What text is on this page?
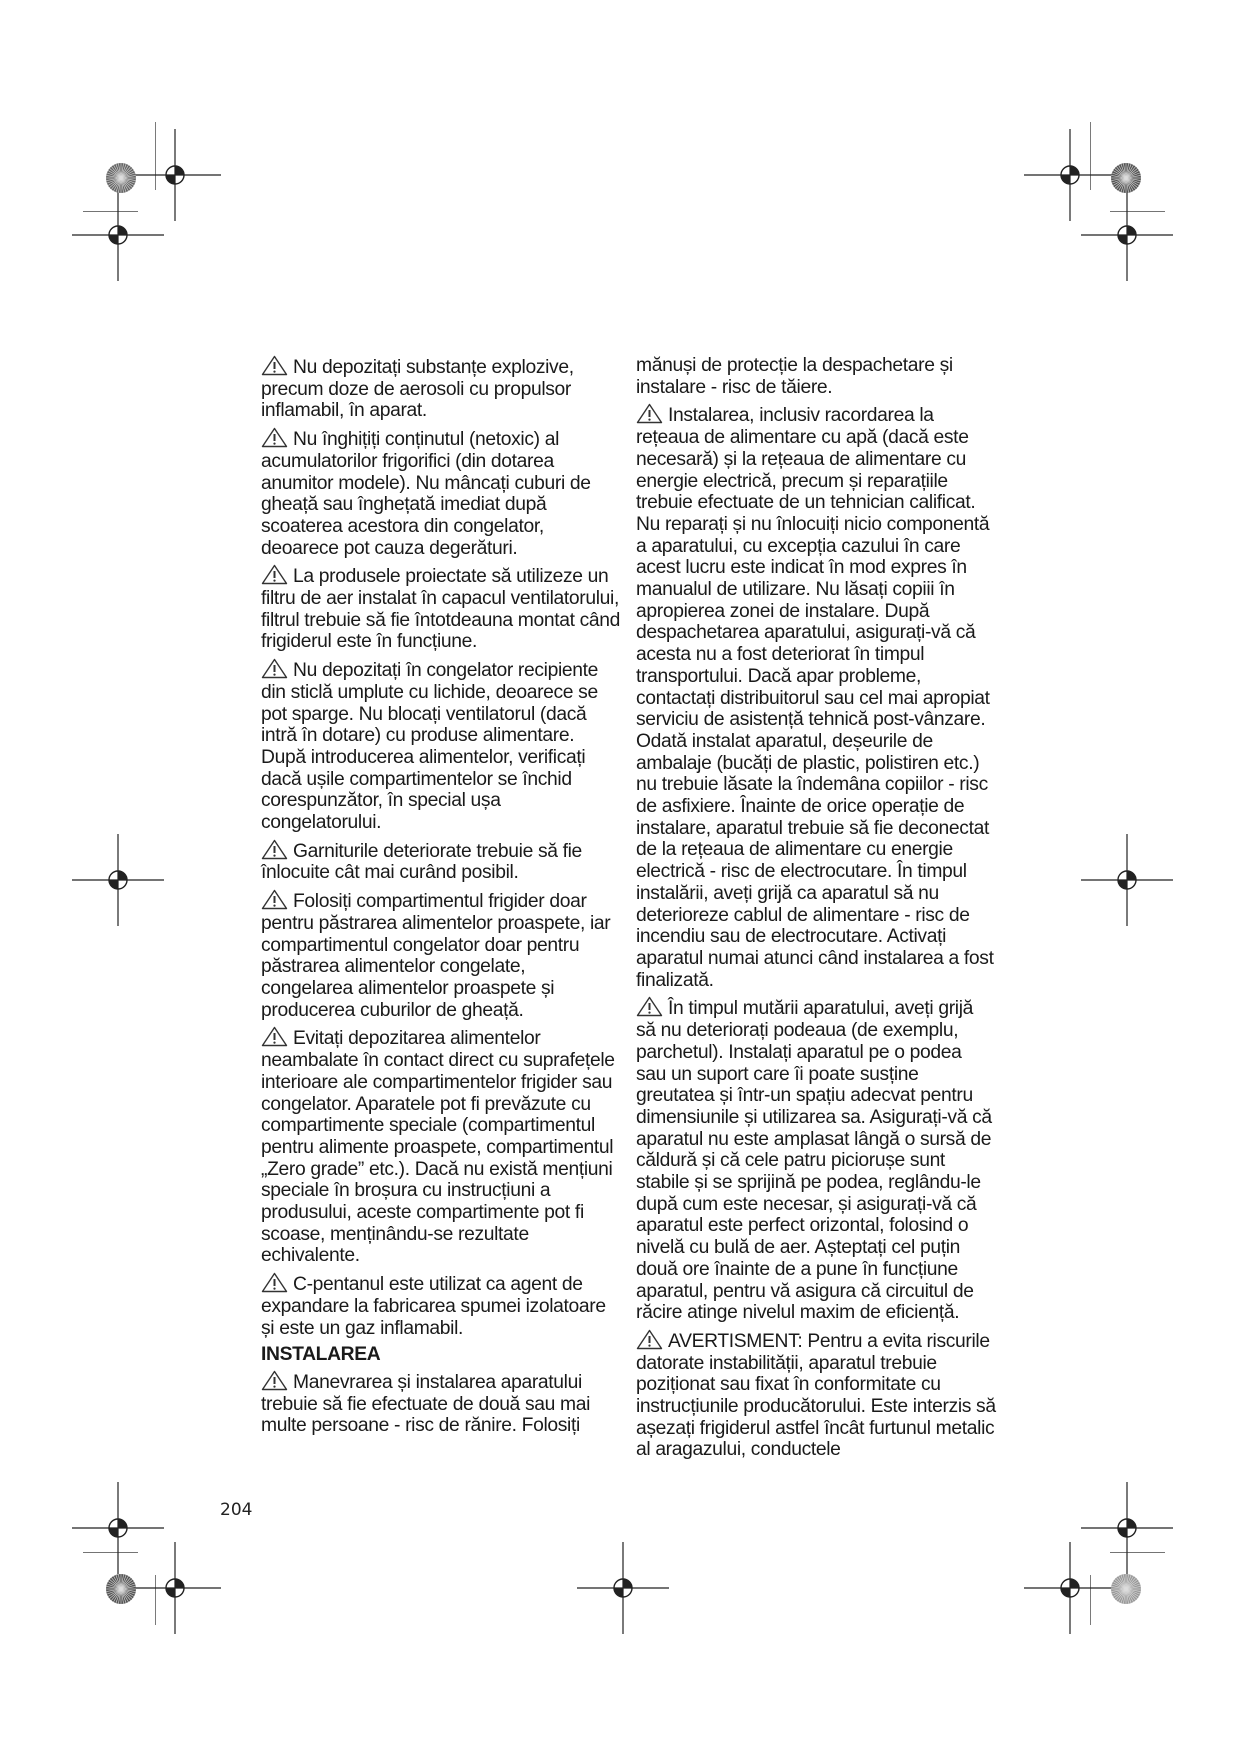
Nu depozitați substanțe explozive, precum doze de aerosoli cu propulsor inflamabil, în aparat.
Nu înghițiți conținutul (netoxic) al acumulatorilor frigorifici (din dotarea anumitor modele). Nu mâncați cuburi de gheață sau înghețată imediat după scoaterea acestora din congelator, deoarece pot cauza degerături.
La produsele proiectate să utilizeze un filtru de aer instalat în capacul ventilatorului, filtrul trebuie să fie întotdeauna montat când frigiderul este în funcțiune.
Nu depozitați în congelator recipiente din sticlă umplute cu lichide, deoarece se pot sparge. Nu blocați ventilatorul (dacă intră în dotare) cu produse alimentare. După introducerea alimentelor, verificați dacă ușile compartimentelor se închid corespunzător, în special ușa congelatorului.
Garniturile deteriorate trebuie să fie înlocuite cât mai curând posibil.
Folosiți compartimentul frigider doar pentru păstrarea alimentelor proaspete, iar compartimentul congelator doar pentru păstrarea alimentelor congelate, congelarea alimentelor proaspete și producerea cuburilor de gheață.
Evitați depozitarea alimentelor neambalate în contact direct cu suprafețele interioare ale compartimentelor frigider sau congelator. Aparatele pot fi prevăzute cu compartimente speciale (compartimentul pentru alimente proaspete, compartimentul „Zero grade” etc.). Dacă nu există mențiuni speciale în broșura cu instrucțiuni a produsului, aceste compartimente pot fi scoase, menținându-se rezultate echivalente.
C-pentanul este utilizat ca agent de expandare la fabricarea spumei izolatoare și este un gaz inflamabil.
INSTALAREA
Manevrarea și instalarea aparatului trebuie să fie efectuate de două sau mai multe persoane - risc de rănire. Folosiți
mănuși de protecție la despachetare și instalare - risc de tăiere.
Instalarea, inclusiv racordarea la rețeaua de alimentare cu apă (dacă este necesară) și la rețeaua de alimentare cu energie electrică, precum și reparațiile trebuie efectuate de un tehnician calificat. Nu reparați și nu înlocuiți nicio componentă a aparatului, cu excepția cazului în care acest lucru este indicat în mod expres în manualul de utilizare. Nu lăsați copiii în apropierea zonei de instalare. După despachetarea aparatului, asigurați-vă că acesta nu a fost deteriorat în timpul transportului. Dacă apar probleme, contactați distribuitorul sau cel mai apropiat serviciu de asistență tehnică post-vânzare. Odată instalat aparatul, deșeurile de ambalaje (bucăți de plastic, polistiren etc.) nu trebuie lăsate la îndemâna copiilor - risc de asfixiere. Înainte de orice operație de instalare, aparatul trebuie să fie deconectat de la rețeaua de alimentare cu energie electrică - risc de electrocutare. În timpul instalării, aveți grijă ca aparatul să nu deterioreze cablul de alimentare - risc de incendiu sau de electrocutare. Activați aparatul numai atunci când instalarea a fost finalizată.
În timpul mutării aparatului, aveți grijă să nu deteriorați podeaua (de exemplu, parchetul). Instalați aparatul pe o podea sau un suport care îi poate susține greutatea și într-un spațiu adecvat pentru dimensiunile și utilizarea sa. Asigurați-vă că aparatul nu este amplasat lângă o sursă de căldură și că cele patru piciorușe sunt stabile și se sprijină pe podea, reglându-le după cum este necesar, și asigurați-vă că aparatul este perfect orizontal, folosind o nivelă cu bulă de aer. Așteptați cel puțin două ore înainte de a pune în funcțiune aparatul, pentru vă asigura că circuitul de răcire atinge nivelul maxim de eficiență.
AVERTISMENT: Pentru a evita riscurile datorate instabilității, aparatul trebuie poziționat sau fixat în conformitate cu instrucțiunile producătorului. Este interzis să așezați frigiderul astfel încât furtunul metalic al aragazului, conductele
204
